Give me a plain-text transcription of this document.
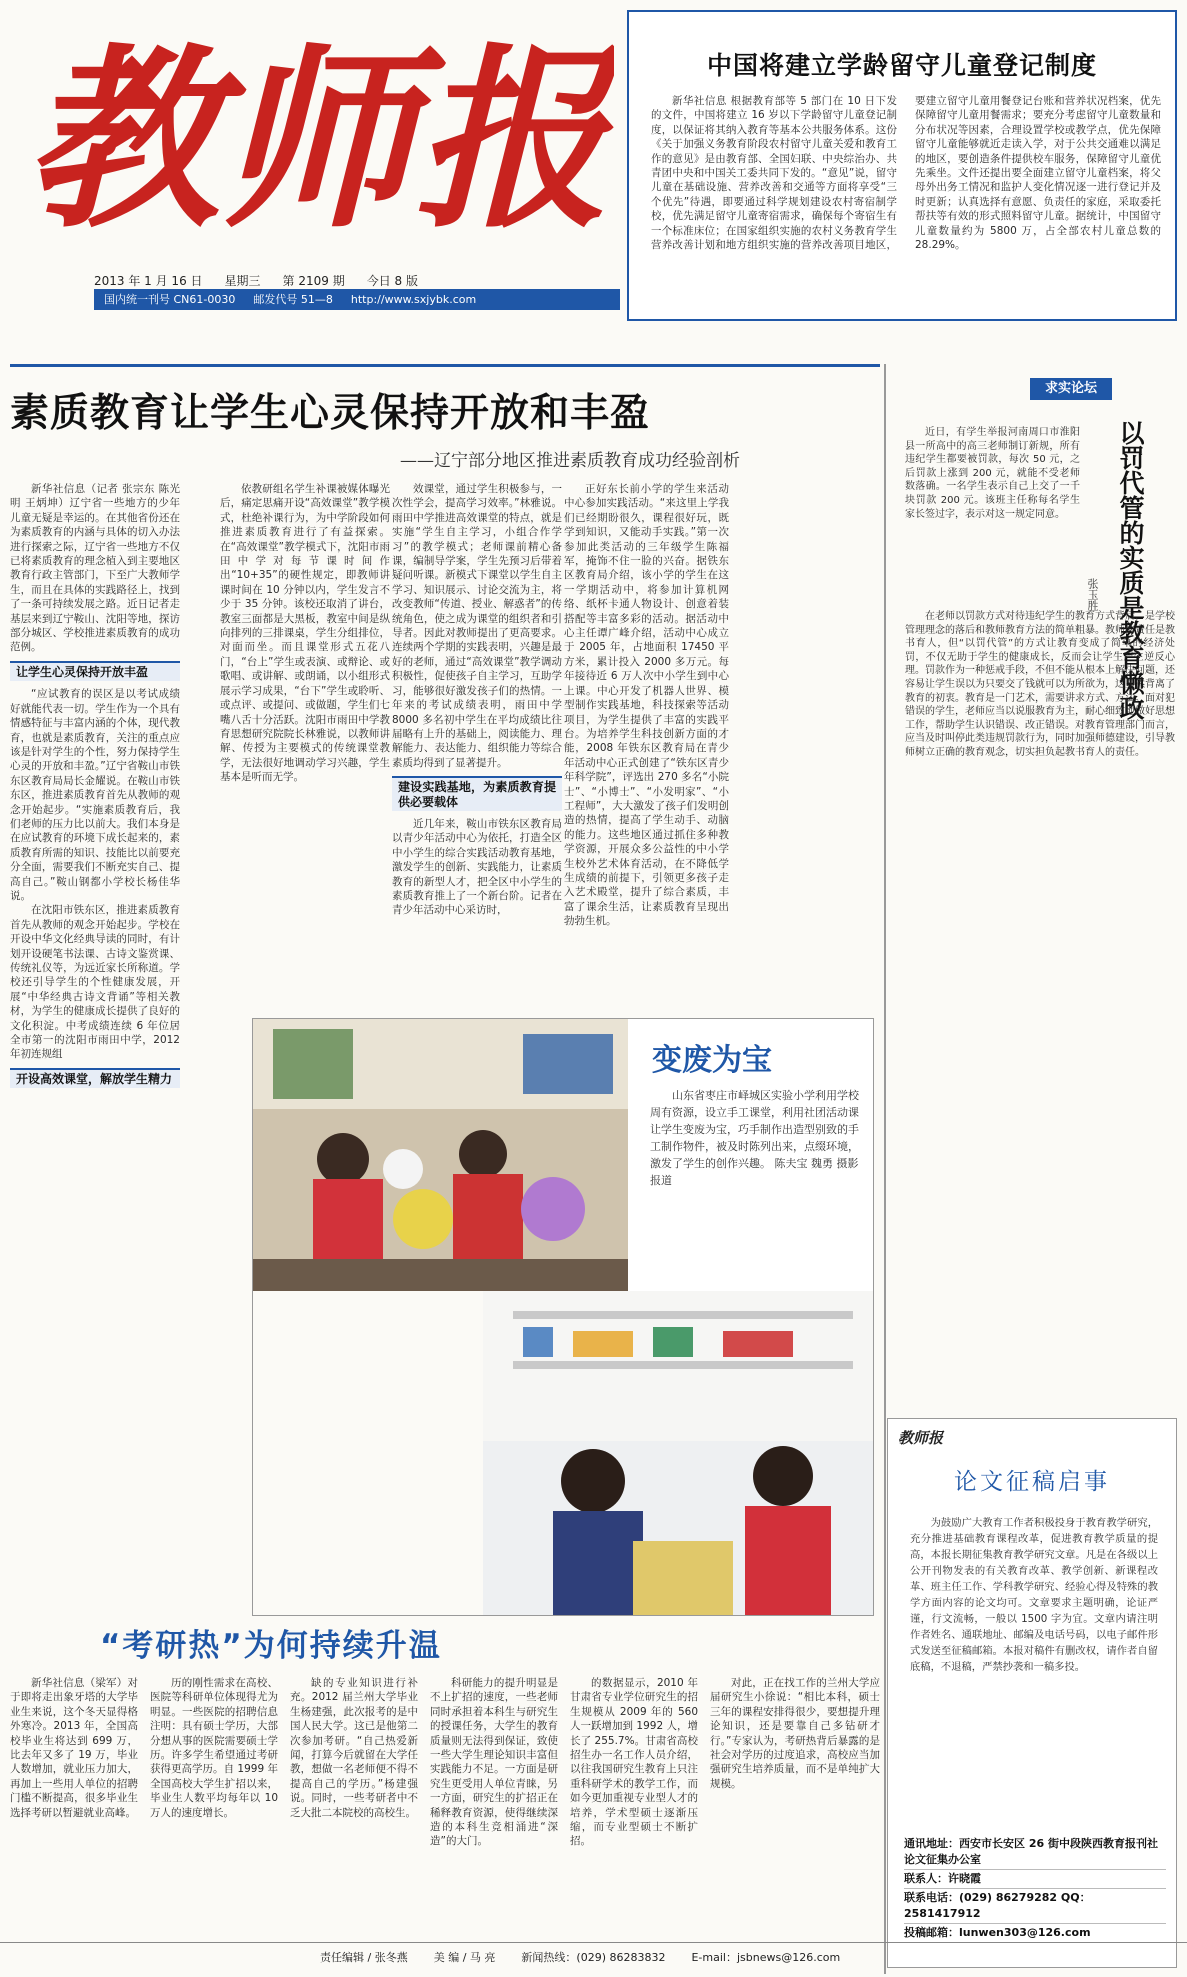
教师报
2013 年 1 月 16 日 星期三 第 2109 期 今日 8 版
国内统一刊号 CN61-0030 邮发代号 51—8 http://www.sxjybk.com
中国将建立学龄留守儿童登记制度

新华社信息 根据教育部等 5 部门在 10 日下发的文件，中国将建立 16 岁以下学龄留守儿童登记制度，以保证将其纳入教育等基本公共服务体系。这份《关于加强义务教育阶段农村留守儿童关爱和教育工作的意见》是由教育部、全国妇联、中央综治办、共青团中央和中国关工委共同下发的。“意见”说，留守儿童在基础设施、营养改善和交通等方面将享受“三个优先”待遇，即要通过科学规划建设农村寄宿制学校，优先满足留守儿童寄宿需求，确保每个寄宿生有一个标准床位；在国家组织实施的农村义务教育学生营养改善计划和地方组织实施的营养改善项目地区，要建立留守儿童用餐登记台账和营养状况档案，优先保障留守儿童用餐需求；要充分考虑留守儿童数量和分布状况等因素，合理设置学校或教学点，优先保障留守儿童能够就近走读入学，对于公共交通难以满足的地区，要创造条件提供校车服务，保障留守儿童优先乘坐。文件还提出要全面建立留守儿童档案，将父母外出务工情况和监护人变化情况逐一进行登记并及时更新；认真选择有意愿、负责任的家庭，采取委托帮扶等有效的形式照料留守儿童。据统计，中国留守儿童数量约为 5800 万，占全部农村儿童总数的 28.29%。

素质教育让学生心灵保持开放和丰盈
——辽宁部分地区推进素质教育成功经验剖析

新华社信息（记者 张宗东 陈光明 王炳坤）辽宁省一些地方的少年儿童无疑是幸运的。在其他省份还在为素质教育的内涵与具体的切入办法进行探索之际，辽宁省一些地方不仅已将素质教育的理念植入到主要地区教育行政主管部门，下至广大教师学生，而且在具体的实践路径上，找到了一条可持续发展之路。近日记者走基层来到辽宁鞍山、沈阳等地，探访部分城区、学校推进素质教育的成功范例。

让学生心灵保持开放丰盈

“应试教育的误区是以考试成绩好就能代表一切。学生作为一个具有情感特征与丰富内涵的个体，现代教育，也就是素质教育，关注的重点应该是针对学生的个性，努力保持学生心灵的开放和丰盈。”辽宁省鞍山市铁东区教育局局长金耀说。在鞍山市铁东区，推进素质教育首先从教师的观念开始起步。“实施素质教育后，我们老师的压力比以前大。我们本身是在应试教育的环境下成长起来的，素质教育所需的知识、技能比以前要充分全面，需要我们不断充实自己、提高自己。”鞍山钢都小学校长杨佳华说。

在沈阳市铁东区，推进素质教育首先从教师的观念开始起步。学校在开设中华文化经典导读的同时，有计划开设硬笔书法课、古诗文鉴赏课、传统礼仪等，为远近家长所称道。学校还引导学生的个性健康发展，开展“中华经典古诗文背诵”等相关教材，为学生的健康成长提供了良好的文化积淀。中考成绩连续 6 年位居全市第一的沈阳市雨田中学，2012 年初连规组

开设高效课堂，解放学生精力

依教研组名学生补课被媒体曝光后，痛定思痛开设“高效课堂”教学模式，杜绝补课行为，为中学阶段如何推进素质教育进行了有益探索。在“高效课堂”教学模式下，沈阳市雨田中学对每节课时间作出“10+35”的硬性规定，即教师讲课时间在 10 分钟以内，学生发言不少于 35 分钟。该校还取消了讲台，教室三面都是大黑板，教室中间是纵向排列的三排课桌，学生分组排位，对面而坐。而且课堂形式五花八门，“台上”学生或表演、或辩论、或歌唱、或讲解、或朗诵，以小组形式展示学习成果，“台下”学生或聆听、或点评、或提问、或做题，学生们七嘴八舌十分活跃。沈阳市雨田中学教育思想研究院院长林雅说，以教师讲解、传授为主要模式的传统课堂教学，无法很好地调动学习兴趣，学生基本是听而无学。

效课堂，通过学生积极参与，一次性学会，提高学习效率。”林雅说。雨田中学推进高效课堂的特点，就是实施“学生自主学习，小组合作学习”的教学模式；老师课前精心备课，编制导学案，学生先预习后带着疑问听课。新模式下课堂以学生自主学习、知识展示、讨论交流为主，将改变教师“传道、授业、解惑者”的传统角色，使之成为课堂的组织者和引导者。因此对教师提出了更高要求。连续两个学期的实践表明，兴趣是最好的老师，通过“高效课堂”教学调动积极性，促使孩子自主学习，互助学习，能够很好激发孩子们的热情。一年来的考试成绩表明，雨田中学 8000 多名初中学生在平均成绩比往届略有上升的基础上，阅读能力、理解能力、表达能力、组织能力等综合素质均得到了显著提升。

建设实践基地，为素质教育提供必要载体

近几年来，鞍山市铁东区教育局以青少年活动中心为依托，打造全区中小学生的综合实践活动教育基地，激发学生的创新、实践能力，让素质教育的新型人才，把全区中小学生的素质教育推上了一个新台阶。记者在青少年活动中心采访时，

正好东长前小学的学生来活动中心参加实践活动。“来这里上学我们已经期盼很久，课程很好玩，既学到知识，又能动手实践。”第一次参加此类活动的三年级学生陈福军，掩饰不住一脸的兴奋。据铁东区教育局介绍，该小学的学生在这一学期活动中，将参加计算机网络、纸杯卡通人物设计、创意着装搭配等丰富多彩的活动。据活动中心主任谭广峰介绍，活动中心成立于 2005 年，占地面积 17450 平方米，累计投入 2000 多万元。每年接待近 6 万人次中小学生到中心上课。中心开发了机器人世界、模型制作实践基地，科技探索等活动项目，为学生提供了丰富的实践平台。为培养学生科技创新方面的才能，2008 年铁东区教育局在青少年活动中心正式创建了“铁东区青少年科学院”，评选出 270 多名“小院士”、“小博士”、“小发明家”、“小工程师”，大大激发了孩子们发明创造的热情，提高了学生动手、动脑的能力。这些地区通过抓住多种教学资源，开展众多公益性的中小学生校外艺术体育活动，在不降低学生成绩的前提下，引领更多孩子走入艺术殿堂，提升了综合素质，丰富了课余生活，让素质教育呈现出勃勃生机。

变废为宝
山东省枣庄市峄城区实验小学利用学校周有资源，设立手工课堂，利用社团活动课让学生变废为宝，巧手制作出造型别致的手工制作物件，被及时陈列出来，点缀环境，激发了学生的创作兴趣。 陈夫宝 魏勇 摄影报道
求实论坛
以罚代管的实质是教育懒政
张玉胜

近日，有学生举报河南周口市淮阳县一所高中的高三老师制订新规，所有违纪学生都要被罚款，每次 50 元，之后罚款上涨到 200 元，就能不受老师数落确。一名学生表示自己上交了一千块罚款 200 元。该班主任称每名学生家长签过字，表示对这一规定同意。

在老师以罚款方式对待违纪学生的教育方式背后，是学校管理理念的落后和教师教育方法的简单粗暴。教师的责任是教书育人，但“以罚代管”的方式让教育变成了简单的经济处罚，不仅无助于学生的健康成长，反而会让学生产生逆反心理。罚款作为一种惩戒手段，不但不能从根本上解决问题，还容易让学生误以为只要交了钱就可以为所欲为，这显然背离了教育的初衷。教育是一门艺术，需要讲求方式、方法。面对犯错误的学生，老师应当以说服教育为主，耐心细致地做好思想工作，帮助学生认识错误、改正错误。对教育管理部门而言，应当及时叫停此类违规罚款行为，同时加强师德建设，引导教师树立正确的教育观念，切实担负起教书育人的责任。

教师报
论文征稿启事

为鼓励广大教育工作者积极投身于教育教学研究，充分推进基础教育课程改革，促进教育教学质量的提高，本报长期征集教育教学研究文章。凡是在各级以上公开刊物发表的有关教育改革、教学创新、新课程改革、班主任工作、学科教学研究、经验心得及特殊的教学方面内容的论文均可。文章要求主题明确，论证严谨，行文流畅，一般以 1500 字为宜。文章内请注明作者姓名、通联地址、邮编及电话号码，以电子邮件形式发送至征稿邮箱。本报对稿件有删改权，请作者自留底稿，不退稿，严禁抄袭和一稿多投。

通讯地址：西安市长安区 26 街中段陕西教育报刊社论文征集办公室
联系人：许晓霞
联系电话：(029) 86279282 QQ：2581417912
投稿邮箱：lunwen303@126.com
“考研热”为何持续升温

新华社信息（梁军）对于即将走出象牙塔的大学毕业生来说，这个冬天显得格外寒冷。2013 年，全国高校毕业生将达到 699 万，比去年又多了 19 万，毕业人数增加，就业压力加大，再加上一些用人单位的招聘门槛不断提高，很多毕业生选择考研以暂避就业高峰。

历的刚性需求在高校、医院等科研单位体现得尤为明显。一些医院的招聘信息注明：具有硕士学历，大部分想从事的医院需要硕士学历。许多学生希望通过考研获得更高学历。自 1999 年全国高校大学生扩招以来，毕业生人数平均每年以 10 万人的速度增长。

缺的专业知识进行补充。2012 届兰州大学毕业生杨建强，此次报考的是中国人民大学。这已是他第二次参加考研。“自己热爱新闻，打算今后就留在大学任教，想做一名老师便不得不提高自己的学历。”杨建强说。同时，一些考研者中不乏大批二本院校的高校生。

科研能力的提升明显是不上扩招的速度，一些老师同时承担着本科生与研究生的授课任务，大学生的教育质量则无法得到保证，致使一些大学生理论知识丰富但实践能力不足。一方面是研究生更受用人单位青睐，另一方面，研究生的扩招正在稀释教育资源，使得继续深造的本科生竞相涌进“深造”的大门。

的数据显示，2010 年甘肃省专业学位研究生的招生规模从 2009 年的 560 人一跃增加到 1992 人，增长了 255.7%。甘肃省高校招生办一名工作人员介绍，以往我国研究生教育上只注重科研学术的教学工作，而如今更加重视专业型人才的培养，学术型硕士逐渐压缩，而专业型硕士不断扩招。

对此，正在找工作的兰州大学应届研究生小徐说：“相比本科，硕士三年的课程安排得很少，要想提升理论知识，还是要靠自己多钻研才行。”专家认为，考研热背后暴露的是社会对学历的过度追求，高校应当加强研究生培养质量，而不是单纯扩大规模。

责任编辑 / 张冬燕 美 编 / 马 亮 新闻热线：(029) 86283832 E-mail：jsbnews@126.com
